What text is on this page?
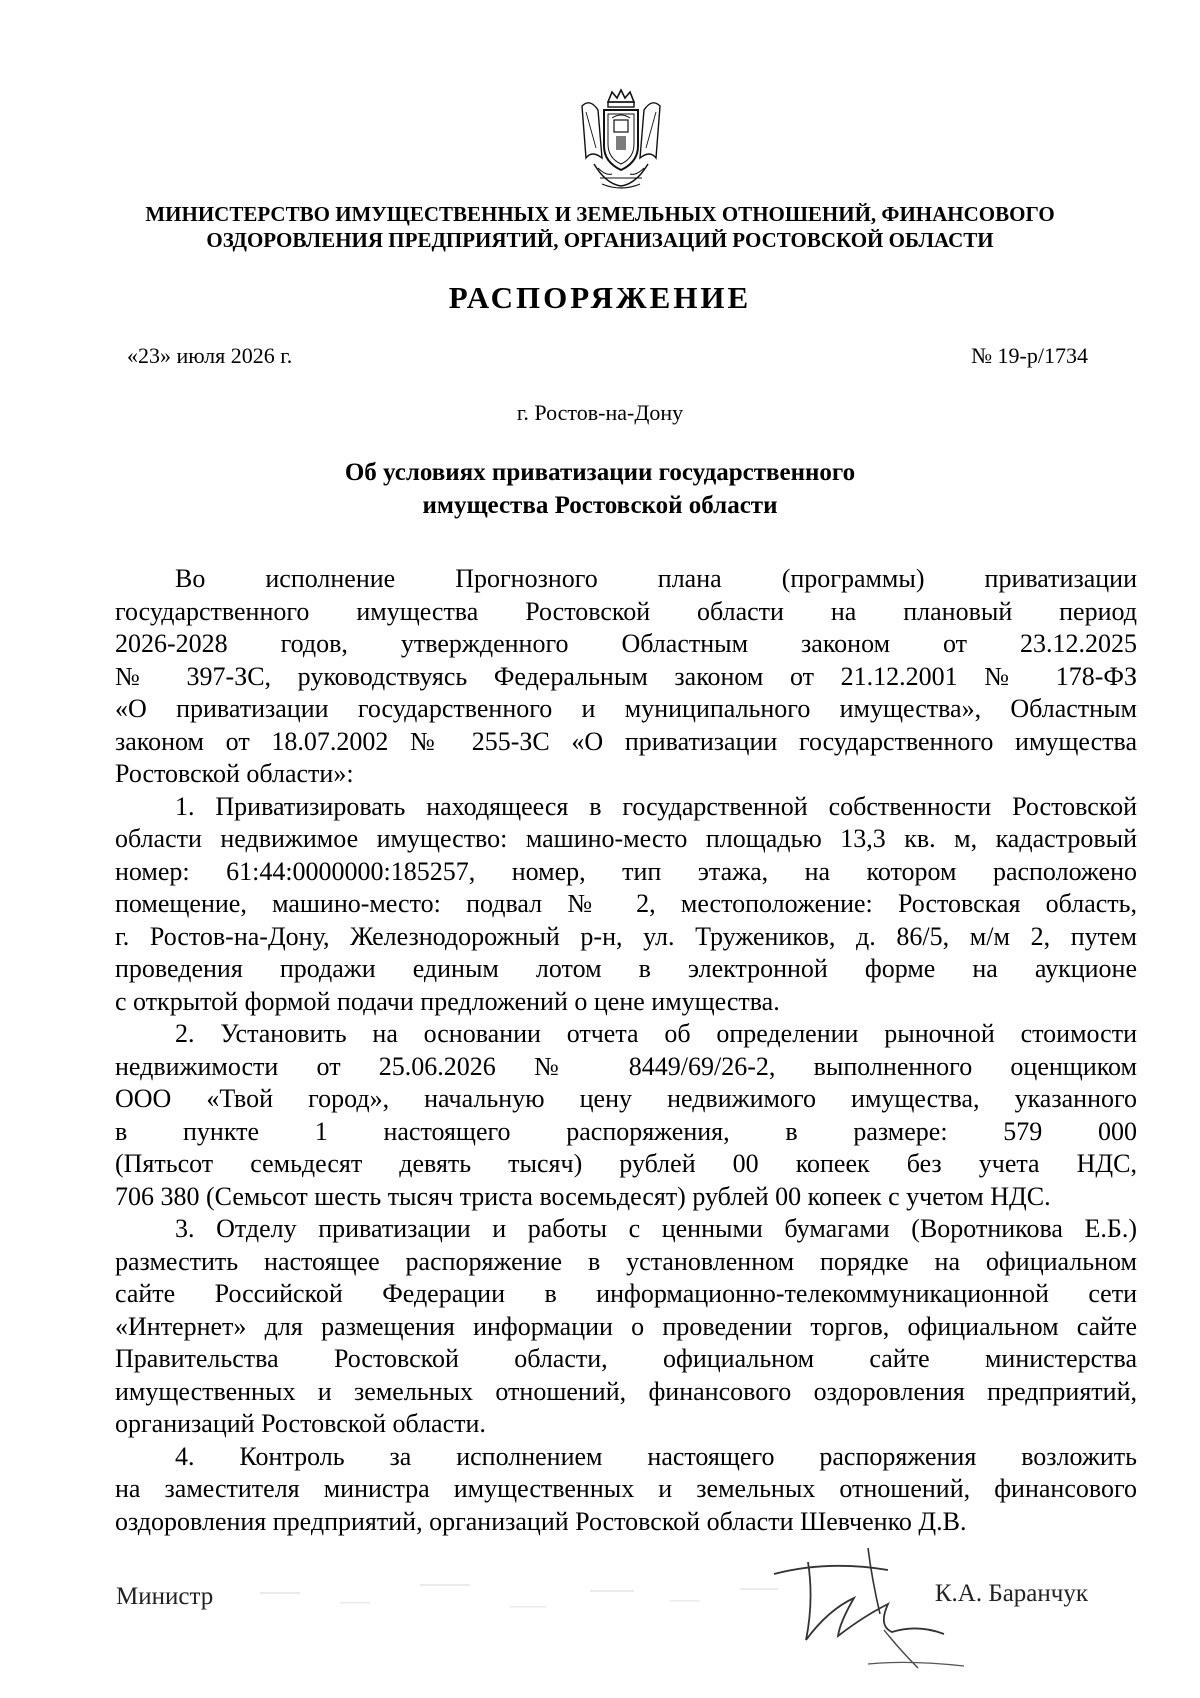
МИНИСТЕРСТВО ИМУЩЕСТВЕННЫХ И ЗЕМЕЛЬНЫХ ОТНОШЕНИЙ, ФИНАНСОВОГО
ОЗДОРОВЛЕНИЯ ПРЕДПРИЯТИЙ, ОРГАНИЗАЦИЙ РОСТОВСКОЙ ОБЛАСТИ
РАСПОРЯЖЕНИЕ
«23» июля 2026 г.	№ 19-р/1734
г. Ростов-на-Дону
Об условиях приватизации государственного
имущества Ростовской области

Во исполнение Прогнозного плана (программы) приватизации

государственного имущества Ростовской области на плановый период

2026-2028 годов, утвержденного Областным законом от 23.12.2025

№ 397-ЗС, руководствуясь Федеральным законом от 21.12.2001 № 178-ФЗ

«О приватизации государственного и муниципального имущества», Областным

законом от 18.07.2002 № 255-ЗС «О приватизации государственного имущества

Ростовской области»:

1. Приватизировать находящееся в государственной собственности Ростовской

области недвижимое имущество: машино-место площадью 13,3 кв. м, кадастровый

номер: 61:44:0000000:185257, номер, тип этажа, на котором расположено

помещение, машино-место: подвал № 2, местоположение: Ростовская область,

г. Ростов-на-Дону, Железнодорожный р-н, ул. Тружеников, д. 86/5, м/м 2, путем

проведения продажи единым лотом в электронной форме на аукционе

с открытой формой подачи предложений о цене имущества.

2. Установить на основании отчета об определении рыночной стоимости

недвижимости от 25.06.2026 № 8449/69/26-2, выполненного оценщиком

ООО «Твой город», начальную цену недвижимого имущества, указанного

в пункте 1 настоящего распоряжения, в размере: 579 000

(Пятьсот семьдесят девять тысяч) рублей 00 копеек без учета НДС,

706 380 (Семьсот шесть тысяч триста восемьдесят) рублей 00 копеек с учетом НДС.

3. Отделу приватизации и работы с ценными бумагами (Воротникова Е.Б.)

разместить настоящее распоряжение в установленном порядке на официальном

сайте Российской Федерации в информационно-телекоммуникационной сети

«Интернет» для размещения информации о проведении торгов, официальном сайте

Правительства Ростовской области, официальном сайте министерства

имущественных и земельных отношений, финансового оздоровления предприятий,

организаций Ростовской области.

4. Контроль за исполнением настоящего распоряжения возложить

на заместителя министра имущественных и земельных отношений, финансового

оздоровления предприятий, организаций Ростовской области Шевченко Д.В.

Министр	К.А. Баранчук
